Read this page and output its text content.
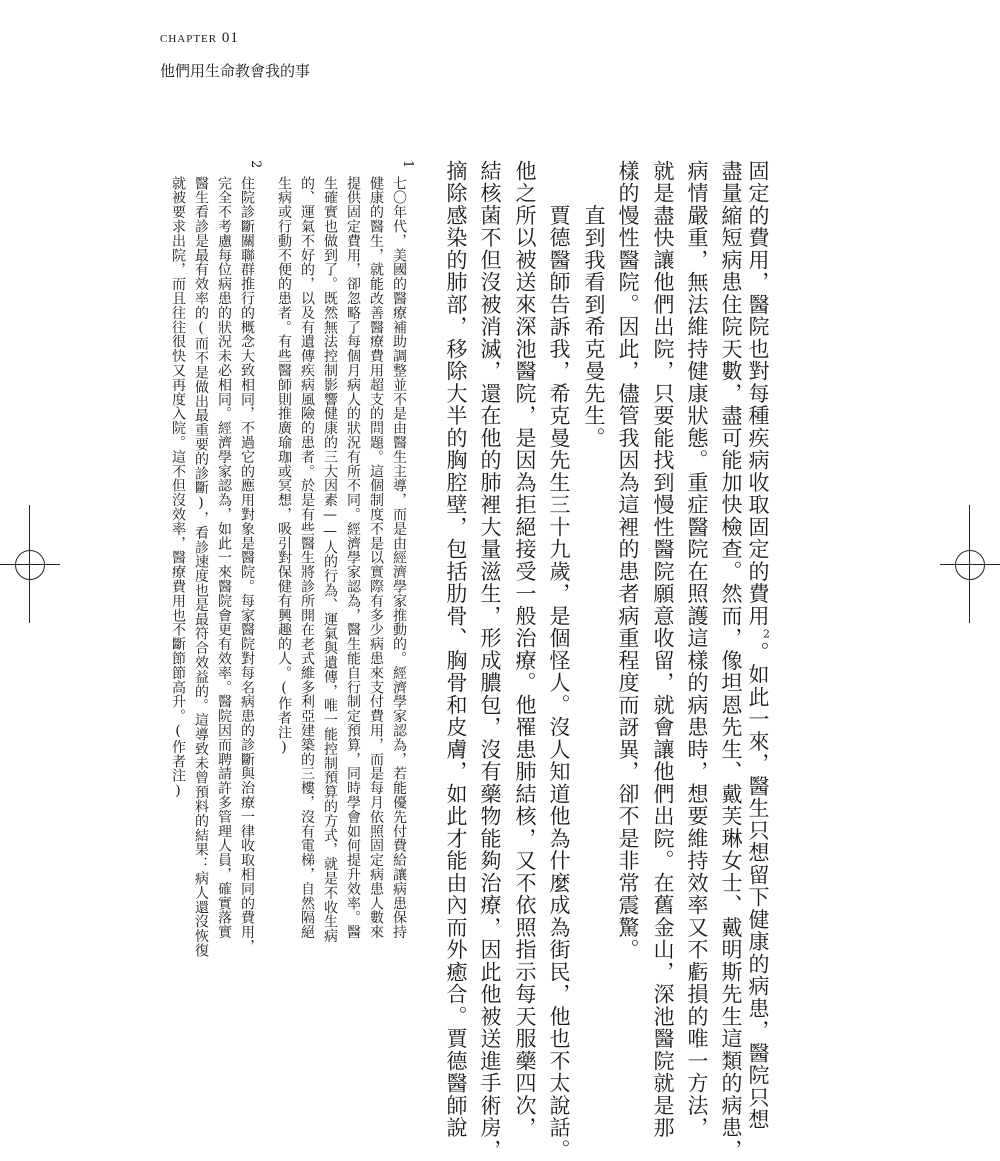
chapter 01
他們用生命教會我的事

固定的費用，醫院也對每種疾病收取固定的費用$^2$。如此一來，醫生只想留下健康的病患，醫院只想

盡量縮短病患住院天數，盡可能加快檢查。然而，像坦恩先生、戴芙琳女士、戴明斯先生這類的病患，

病情嚴重，無法維持健康狀態。重症醫院在照護這樣的病患時，想要維持效率又不虧損的唯一方法，

就是盡快讓他們出院，只要能找到慢性醫院願意收留，就會讓他們出院。在舊金山，深池醫院就是那

樣的慢性醫院。因此，儘管我因為這裡的患者病重程度而訝異，卻不是非常震驚。

　　直到我看到希克曼先生。

　　賈德醫師告訴我，希克曼先生三十九歲，是個怪人。沒人知道他為什麼成為街民，他也不太說話。

他之所以被送來深池醫院，是因為拒絕接受一般治療。他罹患肺結核，又不依照指示每天服藥四次，

結核菌不但沒被消滅，還在他的肺裡大量滋生，形成膿包，沒有藥物能夠治療，因此他被送進手術房，

摘除感染的肺部，移除大半的胸腔壁，包括肋骨、胸骨和皮膚，如此才能由內而外癒合。賈德醫師說

1

七〇年代，美國的醫療補助調整並不是由醫生主導，而是由經濟學家推動的。經濟學家認為，若能優先付費給讓病患保持

健康的醫生，就能改善醫療費用超支的問題。這個制度不是以實際有多少病患來支付費用，而是每月依照固定病患人數來

提供固定費用，卻忽略了每個月病人的狀況有所不同。經濟學家認為，醫生能自行制定預算，同時學會如何提升效率。醫

生確實也做到了。既然無法控制影響健康的三大因素——人的行為、運氣與遺傳，唯一能控制預算的方式，就是不收生病

的、運氣不好的，以及有遺傳疾病風險的患者。於是有些醫生將診所開在老式維多利亞建築的三樓，沒有電梯，自然隔絕

生病或行動不便的患者。有些醫師則推廣瑜珈或冥想，吸引對保健有興趣的人。(作者注)

2

住院診斷關聯群推行的概念大致相同，不過它的應用對象是醫院。每家醫院對每名病患的診斷與治療一律收取相同的費用，

完全不考慮每位病患的狀況未必相同。經濟學家認為，如此一來醫院會更有效率。醫院因而聘請許多管理人員，確實落實

醫生看診是最有效率的(而不是做出最重要的診斷)，看診速度也是最符合效益的。這導致未曾預料的結果：病人還沒恢復

就被要求出院，而且往往很快又再度入院。這不但沒效率，醫療費用也不斷節節高升。(作者注)
